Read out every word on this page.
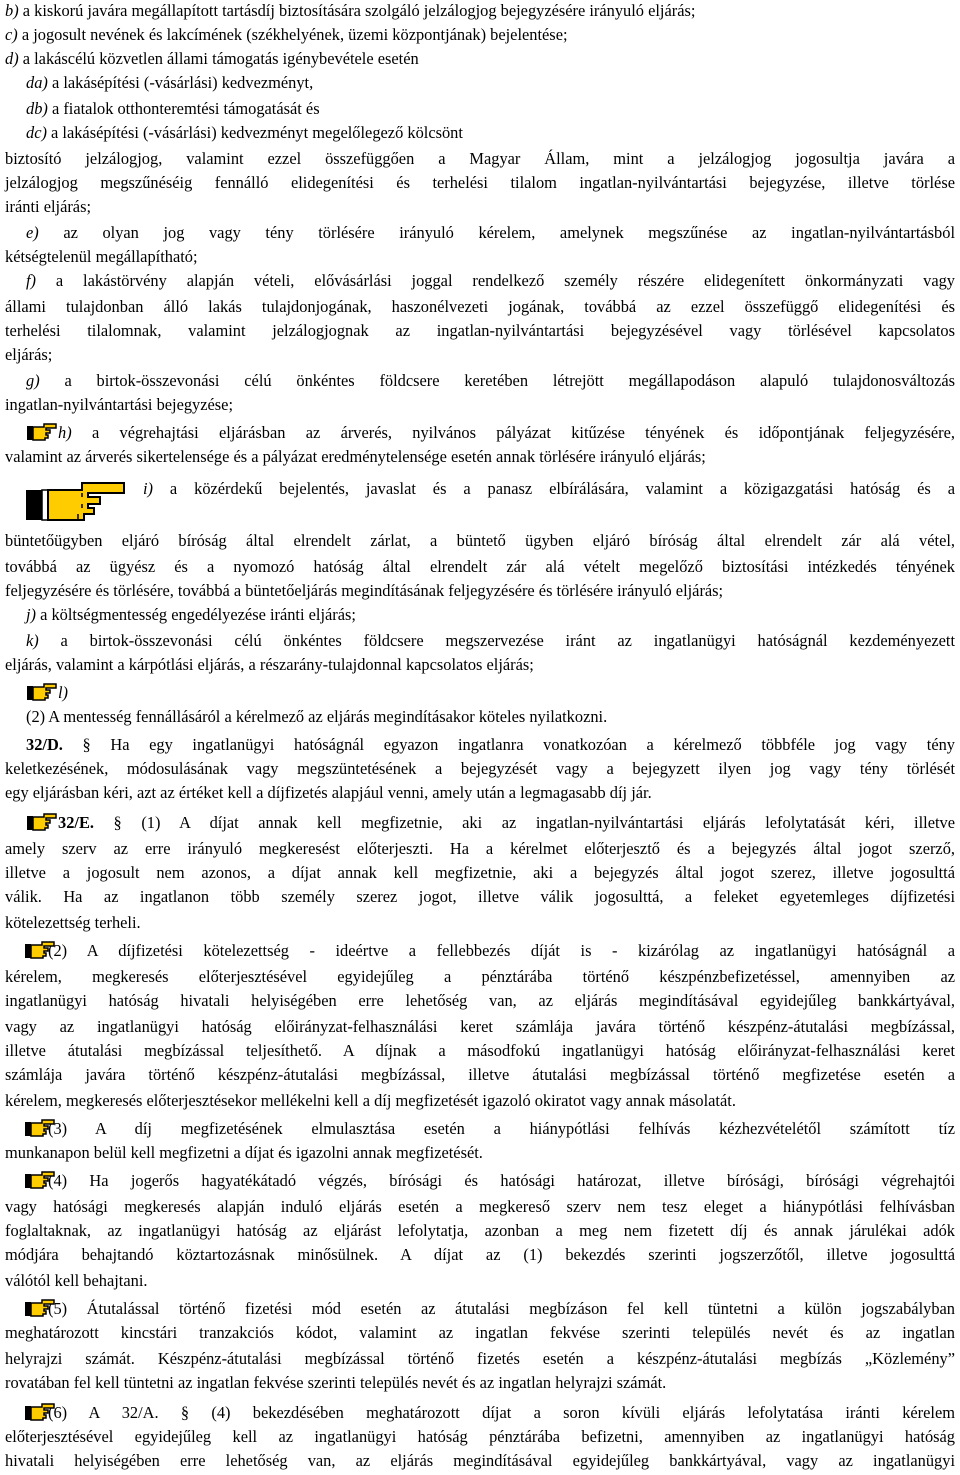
b) a kiskorú javára megállapított tartásdíj biztosítására szolgáló jelzálogjog bejegyzésére irányuló eljárás;
c) a jogosult nevének és lakcímének (székhelyének, üzemi központjának) bejelentése;
d) a lakáscélú közvetlen állami támogatás igénybevétele esetén
da) a lakásépítési (-vásárlási) kedvezményt,
db) a fiatalok otthonteremtési támogatását és
dc) a lakásépítési (-vásárlási) kedvezményt megelőlegező kölcsönt
biztosító jelzálogjog, valamint ezzel összefüggően a Magyar Állam, mint a jelzálogjog jogosultja javára a
jelzálogjog megszűnéséig fennálló elidegenítési és terhelési tilalom ingatlan-nyilvántartási bejegyzése, illetve törlése
iránti eljárás;
e) az olyan jog vagy tény törlésére irányuló kérelem, amelynek megszűnése az ingatlan-nyilvántartásból
kétségtelenül megállapítható;
f) a lakástörvény alapján vételi, elővásárlási joggal rendelkező személy részére elidegenített önkormányzati vagy
állami tulajdonban álló lakás tulajdonjogának, haszonélvezeti jogának, továbbá az ezzel összefüggő elidegenítési és
terhelési tilalomnak, valamint jelzálogjognak az ingatlan-nyilvántartási bejegyzésével vagy törlésével kapcsolatos
eljárás;
g) a birtok-összevonási célú önkéntes földcsere keretében létrejött megállapodáson alapuló tulajdonosváltozás
ingatlan-nyilvántartási bejegyzése;
h) a végrehajtási eljárásban az árverés, nyilvános pályázat kitűzése tényének és időpontjának feljegyzésére,
valamint az árverés sikertelensége és a pályázat eredménytelensége esetén annak törlésére irányuló eljárás;
i) a közérdekű bejelentés, javaslat és a panasz elbírálására, valamint a közigazgatási hatóság és a
büntetőügyben eljáró bíróság által elrendelt zárlat, a büntető ügyben eljáró bíróság által elrendelt zár alá vétel,
továbbá az ügyész és a nyomozó hatóság által elrendelt zár alá vételt megelőző biztosítási intézkedés tényének
feljegyzésére és törlésére, továbbá a büntetőeljárás megindításának feljegyzésére és törlésére irányuló eljárás;
j) a költségmentesség engedélyezése iránti eljárás;
k) a birtok-összevonási célú önkéntes földcsere megszervezése iránt az ingatlanügyi hatóságnál kezdeményezett
eljárás, valamint a kárpótlási eljárás, a részarány-tulajdonnal kapcsolatos eljárás;
l)
(2) A mentesség fennállásáról a kérelmező az eljárás megindításakor köteles nyilatkozni.
32/D. § Ha egy ingatlanügyi hatóságnál egyazon ingatlanra vonatkozóan a kérelmező többféle jog vagy tény
keletkezésének, módosulásának vagy megszüntetésének a bejegyzését vagy a bejegyzett ilyen jog vagy tény törlését
egy eljárásban kéri, azt az értéket kell a díjfizetés alapjául venni, amely után a legmagasabb díj jár.
32/E. § (1) A díjat annak kell megfizetnie, aki az ingatlan-nyilvántartási eljárás lefolytatását kéri, illetve
amely szerv az erre irányuló megkeresést előterjeszti. Ha a kérelmet előterjesztő és a bejegyzés által jogot szerző,
illetve a jogosult nem azonos, a díjat annak kell megfizetnie, aki a bejegyzés által jogot szerez, illetve jogosulttá
válik. Ha az ingatlanon több személy szerez jogot, illetve válik jogosulttá, a feleket egyetemleges díjfizetési
kötelezettség terheli.
(2) A díjfizetési kötelezettség - ideértve a fellebbezés díját is - kizárólag az ingatlanügyi hatóságnál a
kérelem, megkeresés előterjesztésével egyidejűleg a pénztárába történő készpénzbefizetéssel, amennyiben az
ingatlanügyi hatóság hivatali helyiségében erre lehetőség van, az eljárás megindításával egyidejűleg bankkártyával,
vagy az ingatlanügyi hatóság előirányzat-felhasználási keret számlája javára történő készpénz-átutalási megbízással,
illetve átutalási megbízással teljesíthető. A díjnak a másodfokú ingatlanügyi hatóság előirányzat-felhasználási keret
számlája javára történő készpénz-átutalási megbízással, illetve átutalási megbízással történő megfizetése esetén a
kérelem, megkeresés előterjesztésekor mellékelni kell a díj megfizetését igazoló okiratot vagy annak másolatát.
(3) A díj megfizetésének elmulasztása esetén a hiánypótlási felhívás kézhezvételétől számított tíz
munkanapon belül kell megfizetni a díjat és igazolni annak megfizetését.
(4) Ha jogerős hagyatékátadó végzés, bírósági és hatósági határozat, illetve bírósági, bírósági végrehajtói
vagy hatósági megkeresés alapján induló eljárás esetén a megkereső szerv nem tesz eleget a hiánypótlási felhívásban
foglaltaknak, az ingatlanügyi hatóság az eljárást lefolytatja, azonban a meg nem fizetett díj és annak járulékai adók
módjára behajtandó köztartozásnak minősülnek. A díjat az (1) bekezdés szerinti jogszerzőtől, illetve jogosulttá
válótól kell behajtani.
(5) Átutalással történő fizetési mód esetén az átutalási megbízáson fel kell tüntetni a külön jogszabályban
meghatározott kincstári tranzakciós kódot, valamint az ingatlan fekvése szerinti település nevét és az ingatlan
helyrajzi számát. Készpénz-átutalási megbízással történő fizetés esetén a készpénz-átutalási megbízás „Közlemény”
rovatában fel kell tüntetni az ingatlan fekvése szerinti település nevét és az ingatlan helyrajzi számát.
(6) A 32/A. § (4) bekezdésében meghatározott díjat a soron kívüli eljárás lefolytatása iránti kérelem
előterjesztésével egyidejűleg kell az ingatlanügyi hatóság pénztárába befizetni, amennyiben az ingatlanügyi hatóság
hivatali helyiségében erre lehetőség van, az eljárás megindításával egyidejűleg bankkártyával, vagy az ingatlanügyi
